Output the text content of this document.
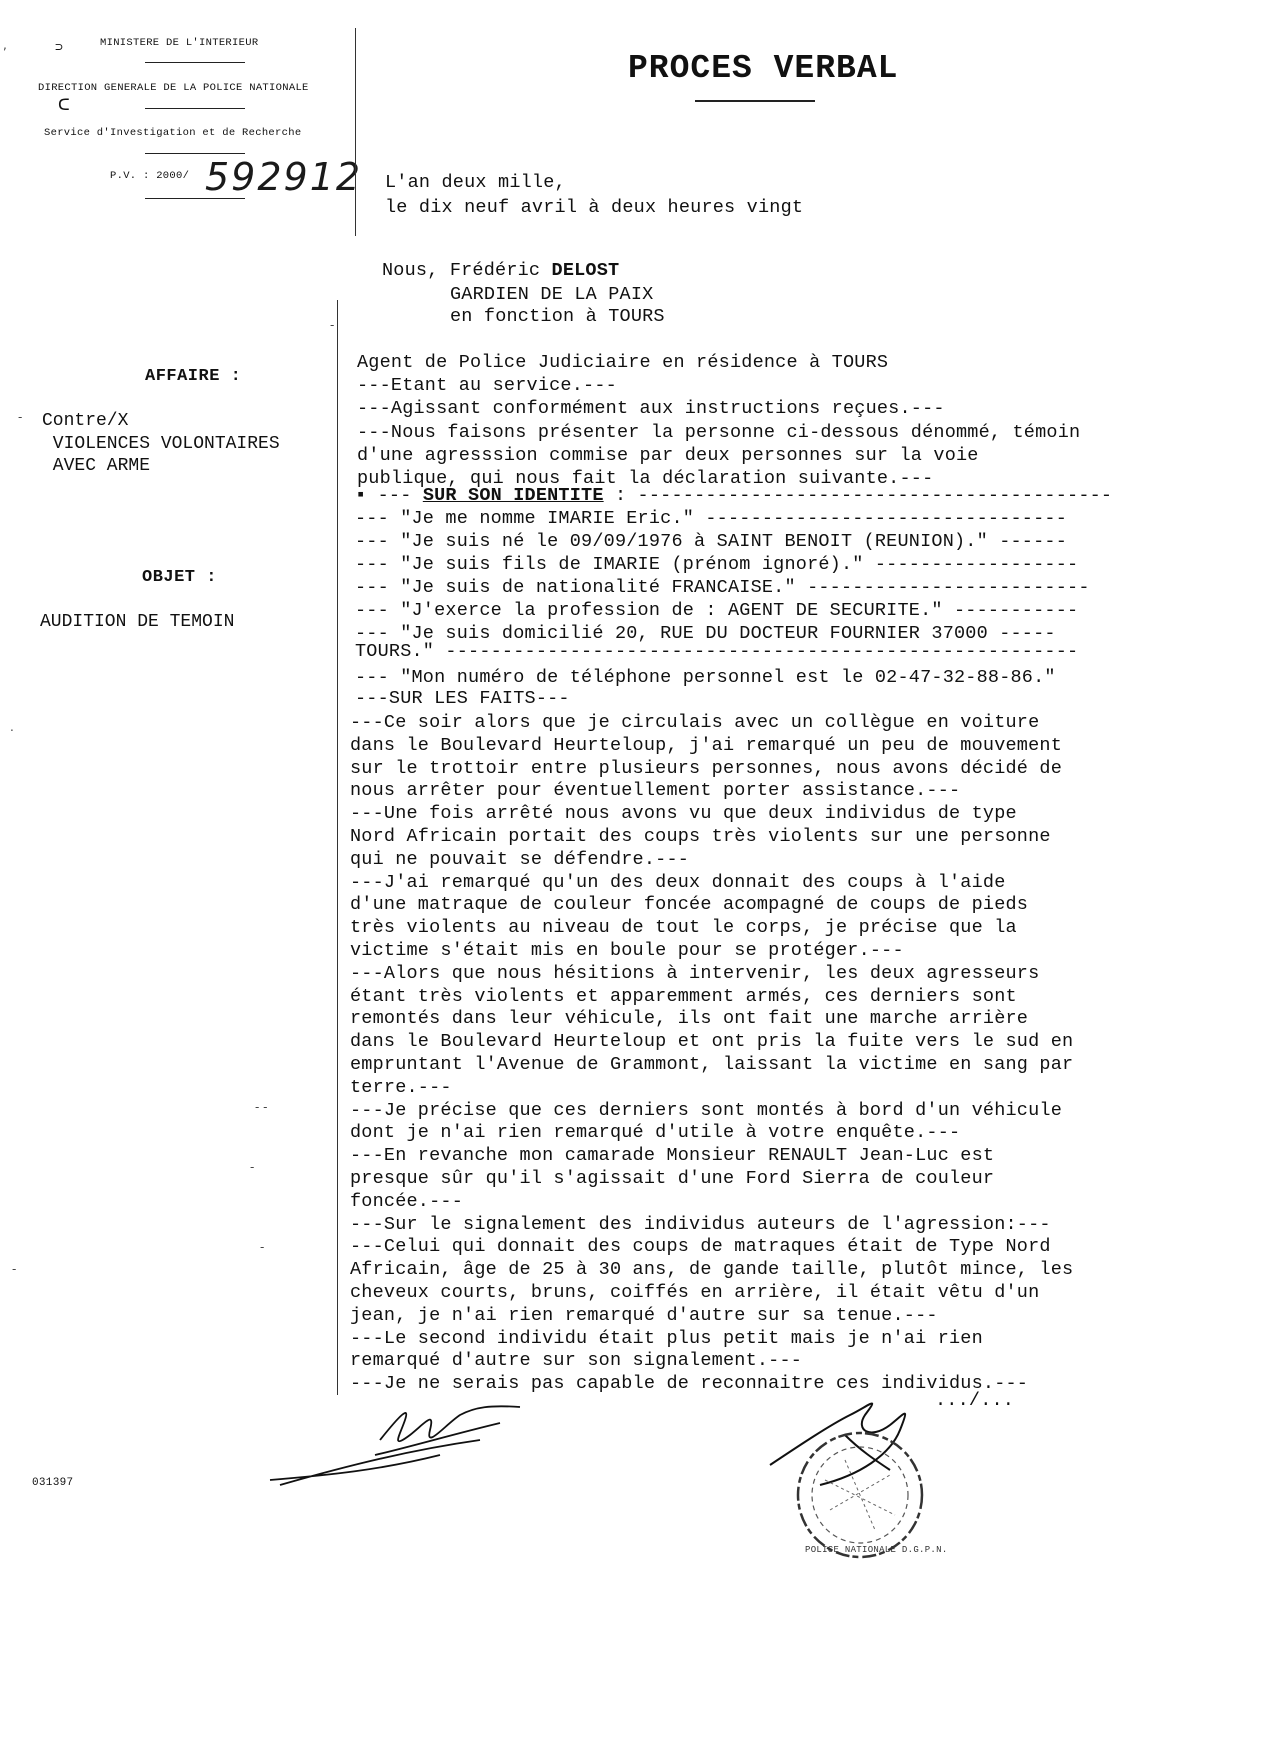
⊃	MINISTERE DE L'INTERIEUR
DIRECTION GENERALE DE LA POLICE NATIONALE
ᑕ
Service d'Investigation et de Recherche
P.V. : 2000/ 592912
PROCES VERBAL
AFFAIRE :
Contre/X
VIOLENCES VOLONTAIRES
AVEC ARME
OBJET :
AUDITION DE TEMOIN
L'an deux mille,
le dix neuf avril à deux heures vingt
Nous, Frédéric DELOST
GARDIEN DE LA PAIX
en fonction à TOURS
Agent de Police Judiciaire en résidence à TOURS
---Etant au service.---
---Agissant conformément aux instructions reçues.---
---Nous faisons présenter la personne ci-dessous dénommé, témoin
d'une agresssion commise par deux personnes sur la voie
publique, qui nous fait la déclaration suivante.---
▪ --- SUR SON IDENTITE : ------------------------------------------
--- "Je me nomme IMARIE Eric." --------------------------------
--- "Je suis né le 09/09/1976 à SAINT BENOIT (REUNION)." ------
--- "Je suis fils de IMARIE (prénom ignoré)." ------------------
--- "Je suis de nationalité FRANCAISE." -------------------------
--- "J'exerce la profession de : AGENT DE SECURITE." -----------
--- "Je suis domicilié 20, RUE DU DOCTEUR FOURNIER 37000 -----
TOURS." --------------------------------------------------------
--- "Mon numéro de téléphone personnel est le 02-47-32-88-86."
---SUR LES FAITS---
---Ce soir alors que je circulais avec un collègue en voiture
dans le Boulevard Heurteloup, j'ai remarqué un peu de mouvement
sur le trottoir entre plusieurs personnes, nous avons décidé de
nous arrêter pour éventuellement porter assistance.---
---Une fois arrêté nous avons vu que deux individus de type
Nord Africain portait des coups très violents sur une personne
qui ne pouvait se défendre.---
---J'ai remarqué qu'un des deux donnait des coups à l'aide
d'une matraque de couleur foncée acompagné de coups de pieds
très violents au niveau de tout le corps, je précise que la
victime s'était mis en boule pour se protéger.---
---Alors que nous hésitions à intervenir, les deux agresseurs
étant très violents et apparemment armés, ces derniers sont
remontés dans leur véhicule, ils ont fait une marche arrière
dans le Boulevard Heurteloup et ont pris la fuite vers le sud en
empruntant l'Avenue de Grammont, laissant la victime en sang par
terre.---
---Je précise que ces derniers sont montés à bord d'un véhicule
dont je n'ai rien remarqué d'utile à votre enquête.---
---En revanche mon camarade Monsieur RENAULT Jean-Luc est
presque sûr qu'il s'agissait d'une Ford Sierra de couleur
foncée.---
---Sur le signalement des individus auteurs de l'agression:---
---Celui qui donnait des coups de matraques était de Type Nord
Africain, âge de 25 à 30 ans, de gande taille, plutôt mince, les
cheveux courts, bruns, coiffés en arrière, il était vêtu d'un
jean, je n'ai rien remarqué d'autre sur sa tenue.---
---Le second individu était plus petit mais je n'ai rien
remarqué d'autre sur son signalement.---
---Je ne serais pas capable de reconnaitre ces individus.---
.../...
031397
POLICE NATIONALE D.G.P.N.
,
-
- -
-
-
-
.
-
